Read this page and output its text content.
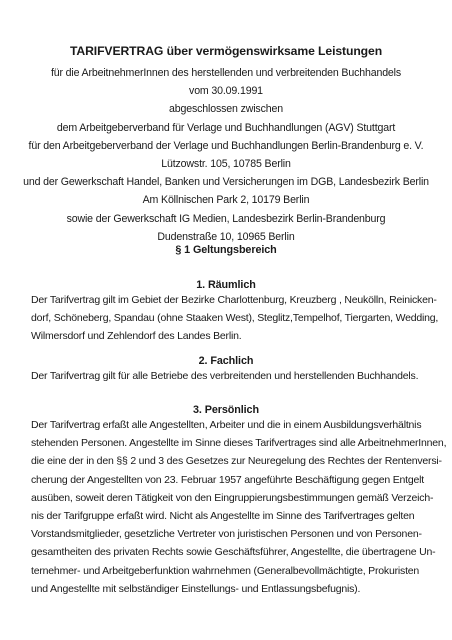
TARIFVERTRAG über vermögenswirksame Leistungen
für die ArbeitnehmerInnen des herstellenden und verbreitenden Buchhandels
vom 30.09.1991
abgeschlossen zwischen
dem Arbeitgeberverband für Verlage und Buchhandlungen (AGV) Stuttgart
für den Arbeitgeberverband der Verlage und Buchhandlungen Berlin-Brandenburg e. V.
Lützowstr. 105, 10785 Berlin
und der Gewerkschaft Handel, Banken und Versicherungen im DGB, Landesbezirk Berlin
Am Köllnischen Park 2, 10179 Berlin
sowie der Gewerkschaft IG Medien, Landesbezirk Berlin-Brandenburg
Dudenstraße 10, 10965 Berlin
§ 1 Geltungsbereich
1. Räumlich
Der Tarifvertrag gilt im Gebiet der Bezirke Charlottenburg, Kreuzberg , Neukölln, Reinicken-
dorf, Schöneberg, Spandau (ohne Staaken West), Steglitz,Tempelhof, Tiergarten, Wedding,
Wilmersdorf und Zehlendorf des Landes Berlin.
2. Fachlich
Der Tarifvertrag gilt für alle Betriebe des verbreitenden und herstellenden Buchhandels.
3. Persönlich
Der Tarifvertrag erfaßt alle Angestellten, Arbeiter und die in einem Ausbildungsverhältnis
stehenden Personen. Angestellte im Sinne dieses Tarifvertrages sind alle ArbeitnehmerInnen,
die eine der in den §§ 2 und 3 des Gesetzes zur Neuregelung des Rechtes der Rentenversi-
cherung der Angestellten von 23. Februar 1957 angeführte Beschäftigung gegen Entgelt
ausüben, soweit deren Tätigkeit von den Eingruppierungsbestimmungen gemäß Verzeich-
nis der Tarifgruppe erfaßt wird. Nicht als Angestellte im Sinne des Tarifvertrages gelten
Vorstandsmitglieder, gesetzliche Vertreter von juristischen Personen und von Personen-
gesamtheiten des privaten Rechts sowie Geschäftsführer, Angestellte, die übertragene Un-
ternehmer- und Arbeitgeberfunktion wahrnehmen (Generalbevollmächtigte, Prokuristen
und Angestellte mit selbständiger Einstellungs- und Entlassungsbefugnis).
